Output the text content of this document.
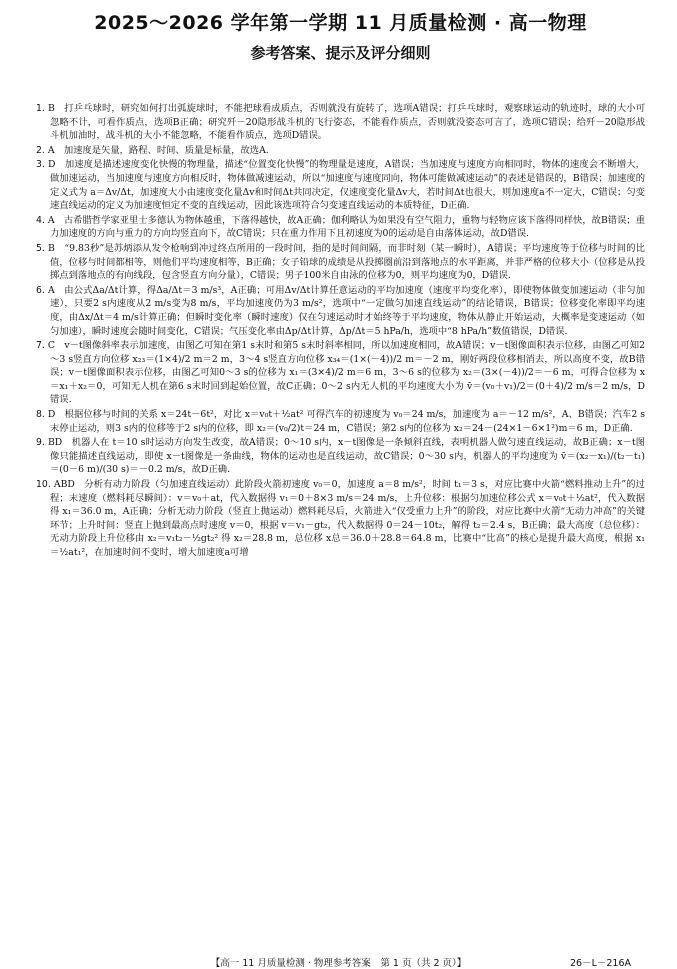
2025～2026 学年第一学期 11 月质量检测 · 高一物理
参考答案、提示及评分细则
1. B　打乒乓球时，研究如何打出弧旋球时，不能把球看成质点，否则就没有旋转了，选项A错误；打乒乓球时，观察球运动的轨迹时，球的大小可忽略不计，可看作质点，选项B正确；研究歼－20隐形战斗机的飞行姿态，不能看作质点，否则就没姿态可言了，选项C错误；给歼－20隐形战斗机加油时，战斗机的大小不能忽略，不能看作质点，选项D错误。
2. A　加速度是矢量，路程、时间、质量是标量，故选A.
3. D　加速度是描述速度变化快慢的物理量，描述“位置变化快慢”的物理量是速度，A错误；当加速度与速度方向相同时，物体的速度会不断增大，做加速运动，当加速度与速度方向相反时，物体做减速运动，所以“加速度与速度同向，物体可能做减速运动”的表述是错误的，B错误；加速度的定义式为 a＝Δv/Δt，加速度大小由速度变化量Δv和时间Δt共同决定，仅速度变化量Δv大，若时间Δt也很大，则加速度a不一定大，C错误；匀变速直线运动的定义为加速度恒定不变的直线运动，因此该选项符合匀变速直线运动的本质特征，D正确.
4. A　古希腊哲学家亚里士多德认为物体越重，下落得越快，故A正确；伽利略认为如果没有空气阻力，重物与轻物应该下落得同样快，故B错误；重力加速度的方向与重力的方向均竖直向下，故C错误；只在重力作用下且初速度为0的运动是自由落体运动，故D错误.
5. B　“9.83秒”是苏炳添从发令枪响到冲过终点所用的一段时间，指的是时间间隔，而非时刻（某一瞬时），A错误；平均速度等于位移与时间的比值，位移与时间都相等，则他们平均速度相等，B正确；女子铅球的成绩是从投掷圈前沿到落地点的水平距离，并非严格的位移大小（位移是从投掷点到落地点的有向线段，包含竖直方向分量），C错误；男子100米自由泳的位移为0，则平均速度为0，D错误.
6. A　由公式Δa/Δt计算，得Δa/Δt＝3 m/s³，A正确；可用Δv/Δt计算任意运动的平均加速度（速度平均变化率），即使物体做变加速运动（非匀加速），只要2 s内速度从2 m/s变为8 m/s，平均加速度仍为3 m/s²，选项中“一定做匀加速直线运动”的结论错误，B错误；位移变化率即平均速度，由Δx/Δt＝4 m/s计算正确；但瞬时变化率（瞬时速度）仅在匀速运动时才始终等于平均速度，物体从静止开始运动，大概率是变速运动（如匀加速），瞬时速度会随时间变化，C错误；气压变化率由Δp/Δt计算，Δp/Δt＝5 hPa/h，选项中“8 hPa/h”数值错误，D错误.
7. C　v－t图像斜率表示加速度，由图乙可知在第1 s末时和第5 s末时斜率相同，所以加速度相同，故A错误；v－t图像面积表示位移，由图乙可知2～3 s竖直方向位移 x₂₃＝(1×4)/2 m＝2 m，3～4 s竖直方向位移 x₃₄＝(1×(－4))/2 m＝－2 m，刚好两段位移相消去，所以高度不变，故B错误；v－t图像面积表示位移，由图乙可知0～3 s的位移为 x₁＝(3×4)/2 m＝6 m，3～6 s的位移为 x₂＝(3×(－4))/2＝－6 m，可得合位移为 x＝x₁＋x₂＝0，可知无人机在第6 s末时回到起始位置，故C正确；0～2 s内无人机的平均速度大小为 v̄＝(v₀＋v₁)/2＝(0＋4)/2 m/s＝2 m/s，D错误.
8. D　根据位移与时间的关系 x＝24t－6t²，对比 x＝v₀t＋½at² 可得汽车的初速度为 v₀＝24 m/s，加速度为 a＝－12 m/s²，A、B错误；汽车2 s末停止运动，则3 s内的位移等于2 s内的位移，即 x₂＝(v₀/2)t＝24 m，C错误；第2 s内的位移为 x₂＝24－(24×1－6×1²)m＝6 m，D正确.
9. BD　机器人在 t＝10 s时运动方向发生改变，故A错误；0～10 s内，x－t图像是一条倾斜直线，表明机器人做匀速直线运动，故B正确；x－t图像只能描述直线运动，即使 x－t图像是一条曲线，物体的运动也是直线运动，故C错误；0～30 s内，机器人的平均速度为 v̄＝(x₂－x₁)/(t₂－t₁)＝(0－6 m)/(30 s)＝－0.2 m/s，故D正确.
10. ABD　分析有动力阶段（匀加速直线运动）此阶段火箭初速度 v₀＝0，加速度 a＝8 m/s²，时间 t₁＝3 s，对应比赛中火箭“燃料推动上升”的过程；末速度（燃料耗尽瞬间）：v＝v₀＋at，代入数据得 v₁＝0＋8×3 m/s＝24 m/s，上升位移：根据匀加速位移公式 x＝v₀t＋½at²，代入数据得 x₁＝36.0 m，A正确；分析无动力阶段（竖直上抛运动）燃料耗尽后，火箭进入“仅受重力上升”的阶段，对应比赛中火箭“无动力冲高”的关键环节；上升时间：竖直上抛到最高点时速度 v＝0，根据 v＝v₁－gt₂，代入数据得 0＝24－10t₂，解得 t₂＝2.4 s，B正确；最大高度（总位移）：无动力阶段上升位移由 x₂＝v₁t₂－½gt₂² 得 x₂＝28.8 m，总位移 x总＝36.0＋28.8＝64.8 m，比赛中“比高”的核心是提升最大高度，根据 x₁＝½at₁²，在加速时间不变时，增大加速度a可增
【高一 11 月质量检测 · 物理参考答案　第 1 页（共 2 页）】	26－L－216A
